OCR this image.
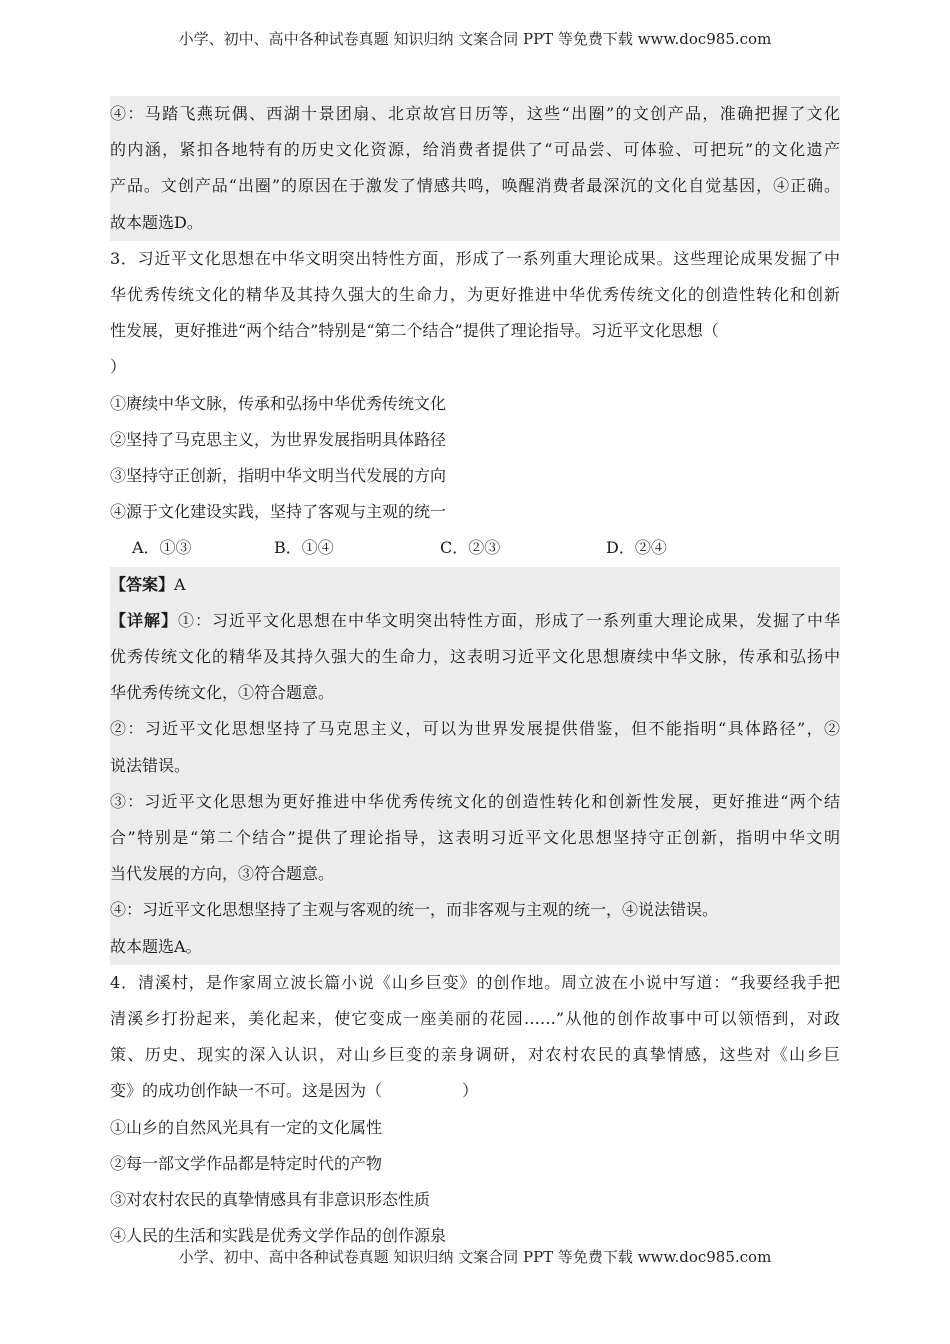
小学、初中、高中各种试卷真题 知识归纳 文案合同 PPT 等免费下载 www.doc985.com
④：马踏飞燕玩偶、西湖十景团扇、北京故宫日历等，这些“出圈”的文创产品，准确把握了文化
的内涵，紧扣各地特有的历史文化资源，给消费者提供了“可品尝、可体验、可把玩”的文化遗产
产品。文创产品“出圈”的原因在于激发了情感共鸣，唤醒消费者最深沉的文化自觉基因，④正确。
故本题选D。
3．习近平文化思想在中华文明突出特性方面，形成了一系列重大理论成果。这些理论成果发掘了中
华优秀传统文化的精华及其持久强大的生命力，为更好推进中华优秀传统文化的创造性转化和创新
性发展，更好推进“两个结合”特别是“第二个结合”提供了理论指导。习近平文化思想（
）
①赓续中华文脉，传承和弘扬中华优秀传统文化
②坚持了马克思主义，为世界发展指明具体路径
③坚持守正创新，指明中华文明当代发展的方向
④源于文化建设实践，坚持了客观与主观的统一
A．①③	B．①④	C．②③	D．②④
【答案】A
【详解】①：习近平文化思想在中华文明突出特性方面，形成了一系列重大理论成果，发掘了中华
优秀传统文化的精华及其持久强大的生命力，这表明习近平文化思想赓续中华文脉，传承和弘扬中
华优秀传统文化，①符合题意。
②：习近平文化思想坚持了马克思主义，可以为世界发展提供借鉴，但不能指明“具体路径”，②
说法错误。
③：习近平文化思想为更好推进中华优秀传统文化的创造性转化和创新性发展，更好推进“两个结
合”特别是“第二个结合”提供了理论指导，这表明习近平文化思想坚持守正创新，指明中华文明
当代发展的方向，③符合题意。
④：习近平文化思想坚持了主观与客观的统一，而非客观与主观的统一，④说法错误。
故本题选A。
4．清溪村，是作家周立波长篇小说《山乡巨变》的创作地。周立波在小说中写道：“我要经我手把
清溪乡打扮起来，美化起来，使它变成一座美丽的花园……”从他的创作故事中可以领悟到，对政
策、历史、现实的深入认识，对山乡巨变的亲身调研，对农村农民的真挚情感，这些对《山乡巨
变》的成功创作缺一不可。这是因为（　　　　　）
①山乡的自然风光具有一定的文化属性
②每一部文学作品都是特定时代的产物
③对农村农民的真挚情感具有非意识形态性质
④人民的生活和实践是优秀文学作品的创作源泉
小学、初中、高中各种试卷真题 知识归纳 文案合同 PPT 等免费下载 www.doc985.com
